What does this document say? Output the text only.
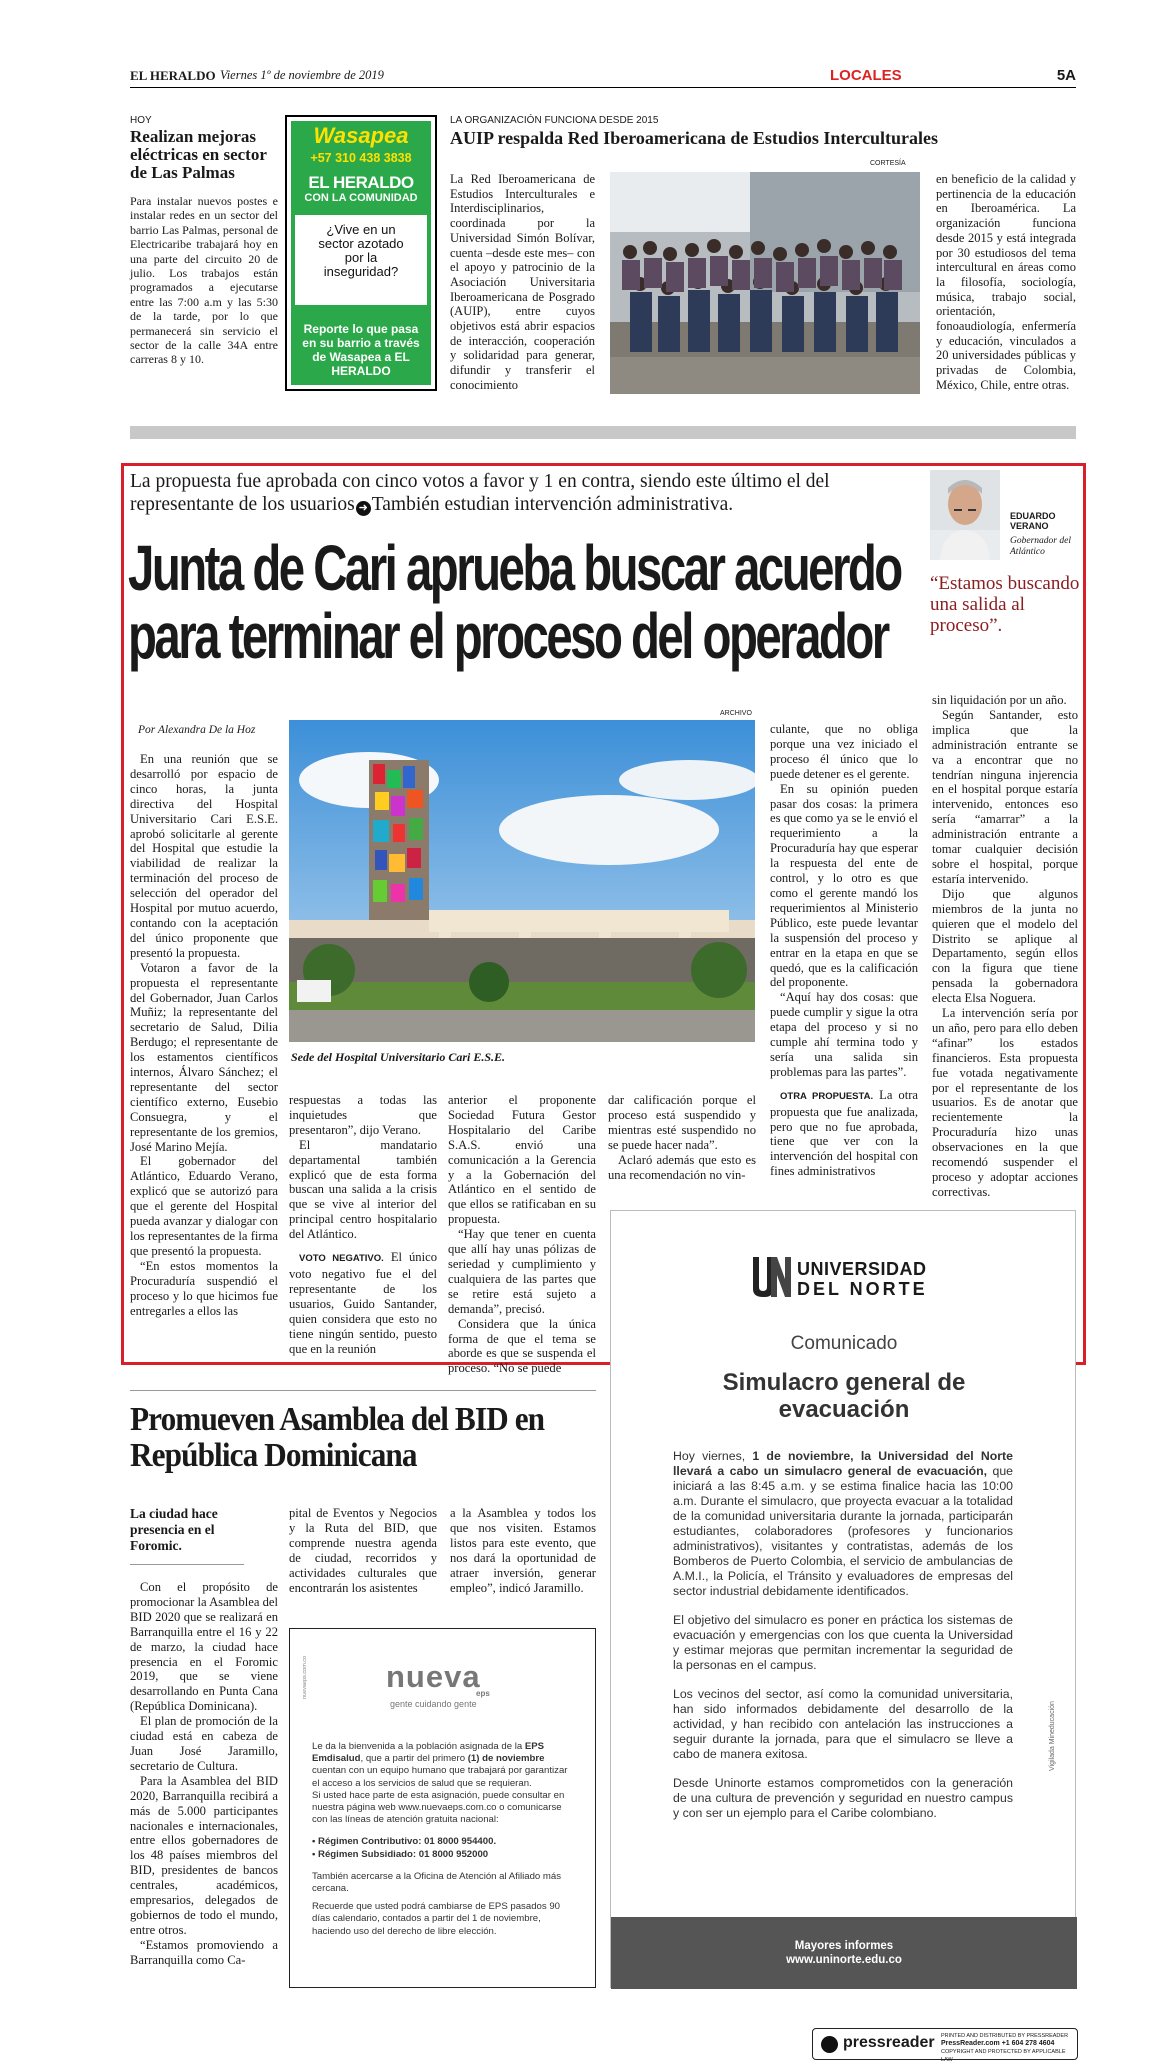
EL HERALDO Viernes 1º de noviembre de 2019	LOCALES	5A
HOY
Realizan mejoras eléctricas en sector de Las Palmas
Para instalar nuevos postes e instalar redes en un sector del barrio Las Palmas, personal de Electricaribe trabajará hoy en una parte del circuito 20 de julio. Los trabajos están programados a ejecutarse entre las 7:00 a.m y las 5:30 de la tarde, por lo que permanecerá sin servicio el sector de la calle 34A entre carreras 8 y 10.
Wasapea
+57 310 438 3838
EL HERALDO
CON LA COMUNIDAD
¿Vive en un sector azotado por la inseguridad?
Reporte lo que pasa en su barrio a través de Wasapea a EL HERALDO
LA ORGANIZACIÓN FUNCIONA DESDE 2015
AUIP respalda Red Iberoamericana de Estudios Interculturales
CORTESÍA
La Red Iberoamericana de Estudios Interculturales e Interdisciplinarios, coordinada por la Universidad Simón Bolívar, cuenta –desde este mes– con el apoyo y patrocinio de la Asociación Universitaria Iberoamericana de Posgrado (AUIP), entre cuyos objetivos está abrir espacios de interacción, cooperación y solidaridad para generar, difundir y transferir el conocimiento
en beneficio de la calidad y pertinencia de la educación en Iberoamérica. La organización funciona desde 2015 y está integrada por 30 estudiosos del tema intercultural en áreas como la filosofía, sociología, música, trabajo social, orientación, fonoaudiología, enfermería y educación, vinculados a 20 universidades públicas y privadas de Colombia, México, Chile, entre otras.
La propuesta fue aprobada con cinco votos a favor y 1 en contra, siendo este último el del representante de los usuarios ➜ También estudian intervención administrativa.
Junta de Cari aprueba buscar acuerdo
para terminar el proceso del operador
EDUARDO VERANO
Gobernador del Atlántico
“Estamos buscando una salida al proceso”.
Por Alexandra De la Hoz

En una reunión que se desarrolló por espacio de cinco horas, la junta directiva del Hospital Universitario Cari E.S.E. aprobó solicitarle al gerente del Hospital que estudie la viabilidad de realizar la terminación del proceso de selección del operador del Hospital por mutuo acuerdo, contando con la aceptación del único proponente que presentó la propuesta.

Votaron a favor de la propuesta el representante del Gobernador, Juan Carlos Muñiz; la representante del secretario de Salud, Dilia Berdugo; el representante de los estamentos científicos internos, Álvaro Sánchez; el representante del sector científico externo, Eusebio Consuegra, y el representante de los gremios, José Marino Mejía.

El gobernador del Atlántico, Eduardo Verano, explicó que se autorizó para que el gerente del Hospital pueda avanzar y dialogar con los representantes de la firma que presentó la propuesta.

“En estos momentos la Procuraduría suspendió el proceso y lo que hicimos fue entregarles a ellos las

ARCHIVO
Sede del Hospital Universitario Cari E.S.E.

respuestas a todas las inquietudes que presentaron”, dijo Verano.

El mandatario departamental también explicó que de esta forma buscan una salida a la crisis que se vive al interior del principal centro hospitalario del Atlántico.

VOTO NEGATIVO. El único voto negativo fue el del representante de los usuarios, Guido Santander, quien considera que esto no tiene ningún sentido, puesto que en la reunión

anterior el proponente Sociedad Futura Gestor Hospitalario del Caribe S.A.S. envió una comunicación a la Gerencia y a la Gobernación del Atlántico en el sentido de que ellos se ratificaban en su propuesta.

“Hay que tener en cuenta que allí hay unas pólizas de seriedad y cumplimiento y cualquiera de las partes que se retire está sujeto a demanda”, precisó.

Considera que la única forma de que el tema se aborde es que se suspenda el proceso. “No se puede

dar calificación porque el proceso está suspendido y mientras esté suspendido no se puede hacer nada”.

Aclaró además que esto es una recomendación no vin-

culante, que no obliga porque una vez iniciado el proceso él único que lo puede detener es el gerente.

En su opinión pueden pasar dos cosas: la primera es que como ya se le envió el requerimiento a la Procuraduría hay que esperar la respuesta del ente de control, y lo otro es que como el gerente mandó los requerimientos al Ministerio Público, este puede levantar la suspensión del proceso y entrar en la etapa en que se quedó, que es la calificación del proponente.

“Aquí hay dos cosas: que puede cumplir y sigue la otra etapa del proceso y si no cumple ahí termina todo y sería una salida sin problemas para las partes”.

OTRA PROPUESTA. La otra propuesta que fue analizada, pero que no fue aprobada, tiene que ver con la intervención del hospital con fines administrativos

sin liquidación por un año.

Según Santander, esto implica que la administración entrante se va a encontrar que no tendrían ninguna injerencia en el hospital porque estaría intervenido, entonces eso sería “amarrar” a la administración entrante a tomar cualquier decisión sobre el hospital, porque estaría intervenido.

Dijo que algunos miembros de la junta no quieren que el modelo del Distrito se aplique al Departamento, según ellos con la figura que tiene pensada la gobernadora electa Elsa Noguera.

La intervención sería por un año, pero para ello deben “afinar” los estados financieros. Esta propuesta fue votada negativamente por el representante de los usuarios. Es de anotar que recientemente la Procuraduría hizo unas observaciones en la que recomendó suspender el proceso y adoptar acciones correctivas.

UNIVERSIDAD
DEL NORTE
Comunicado
Simulacro general de evacuación

Hoy viernes, 1 de noviembre, la Universidad del Norte llevará a cabo un simulacro general de evacuación, que iniciará a las 8:45 a.m. y se estima finalice hacia las 10:00 a.m. Durante el simulacro, que proyecta evacuar a la totalidad de la comunidad universitaria durante la jornada, participarán estudiantes, colaboradores (profesores y funcionarios administrativos), visitantes y contratistas, además de los Bomberos de Puerto Colombia, el servicio de ambulancias de A.M.I., la Policía, el Tránsito y evaluadores de empresas del sector industrial debidamente identificados.

El objetivo del simulacro es poner en práctica los sistemas de evacuación y emergencias con los que cuenta la Universidad y estimar mejoras que permitan incrementar la seguridad de la personas en el campus.

Los vecinos del sector, así como la comunidad universitaria, han sido informados debidamente del desarrollo de la actividad, y han recibido con antelación las instrucciones a seguir durante la jornada, para que el simulacro se lleve a cabo de manera exitosa.

Desde Uninorte estamos comprometidos con la generación de una cultura de prevención y seguridad en nuestro campus y con ser un ejemplo para el Caribe colombiano.

Vigilada Mineducación
Mayores informes
www.uninorte.edu.co
Promueven Asamblea del BID en República Dominicana
La ciudad hace presencia en el Foromic.

Con el propósito de promocionar la Asamblea del BID 2020 que se realizará en Barranquilla entre el 16 y 22 de marzo, la ciudad hace presencia en el Foromic 2019, que se viene desarrollando en Punta Cana (República Dominicana).

El plan de promoción de la ciudad está en cabeza de Juan José Jaramillo, secretario de Cultura.

Para la Asamblea del BID 2020, Barranquilla recibirá a más de 5.000 participantes nacionales e internacionales, entre ellos gobernadores de los 48 países miembros del BID, presidentes de bancos centrales, académicos, empresarios, delegados de gobiernos de todo el mundo, entre otros.

“Estamos promoviendo a Barranquilla como Ca-

pital de Eventos y Negocios y la Ruta del BID, que comprende nuestra agenda de ciudad, recorridos y actividades culturales que encontrarán los asistentes

a la Asamblea y todos los que nos visiten. Estamos listos para este evento, que nos dará la oportunidad de atraer inversión, generar empleo”, indicó Jaramillo.

nuevaeps.com.co	nueva
eps
gente cuidando gente

Le da la bienvenida a la población asignada de la EPS Emdisalud, que a partir del primero (1) de noviembre cuentan con un equipo humano que trabajará por garantizar el acceso a los servicios de salud que se requieran.

Si usted hace parte de esta asignación, puede consultar en nuestra página web www.nuevaeps.com.co o comunicarse con las líneas de atención gratuita nacional:

• Régimen Contributivo: 01 8000 954400.

• Régimen Subsidiado: 01 8000 952000

También acercarse a la Oficina de Atención al Afiliado más cercana.

Recuerde que usted podrá cambiarse de EPS pasados 90 días calendario, contados a partir del 1 de noviembre, haciendo uso del derecho de libre elección.

pressreader PRINTED AND DISTRIBUTED BY PRESSREADER
PressReader.com +1 604 278 4604
COPYRIGHT AND PROTECTED BY APPLICABLE LAW
